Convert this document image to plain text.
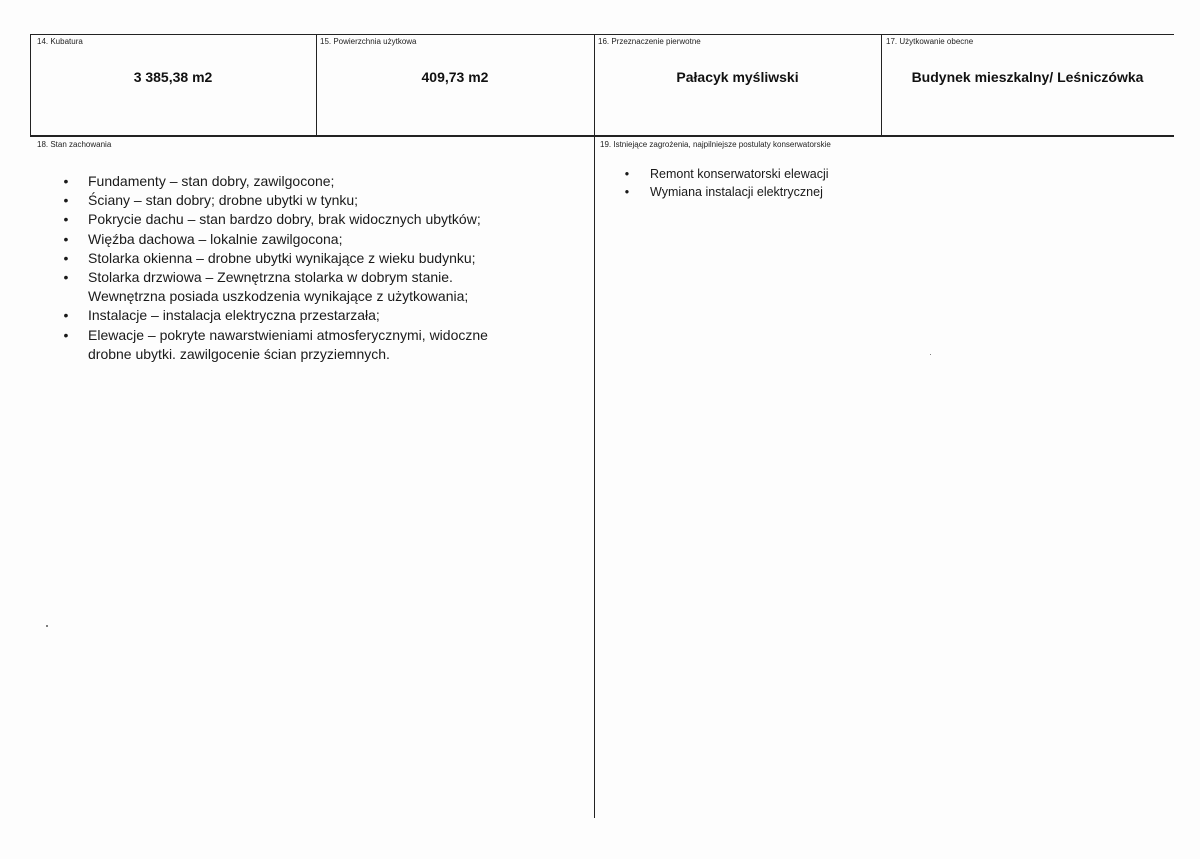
14. Kubatura
3 385,38 m2
15. Powierzchnia użytkowa
409,73 m2
16. Przeznaczenie pierwotne
Pałacyk myśliwski
17. Użytkowanie obecne
Budynek mieszkalny/ Leśniczówka
18. Stan zachowania
• Fundamenty – stan dobry, zawilgocone;
• Ściany – stan dobry; drobne ubytki w tynku;
• Pokrycie dachu – stan bardzo dobry, brak widocznych ubytków;
• Więźba dachowa – lokalnie zawilgocona;
• Stolarka okienna – drobne ubytki wynikające z wieku budynku;
• Stolarka drzwiowa – Zewnętrzna stolarka w dobrym stanie.
Wewnętrzna posiada uszkodzenia wynikające z użytkowania;
• Instalacje – instalacja elektryczna przestarzała;
• Elewacje – pokryte nawarstwieniami atmosferycznymi, widoczne
drobne ubytki. zawilgocenie ścian przyziemnych.
19. Istniejące zagrożenia, najpilniejsze postulaty konserwatorskie
• Remont konserwatorski elewacji
• Wymiana instalacji elektrycznej
